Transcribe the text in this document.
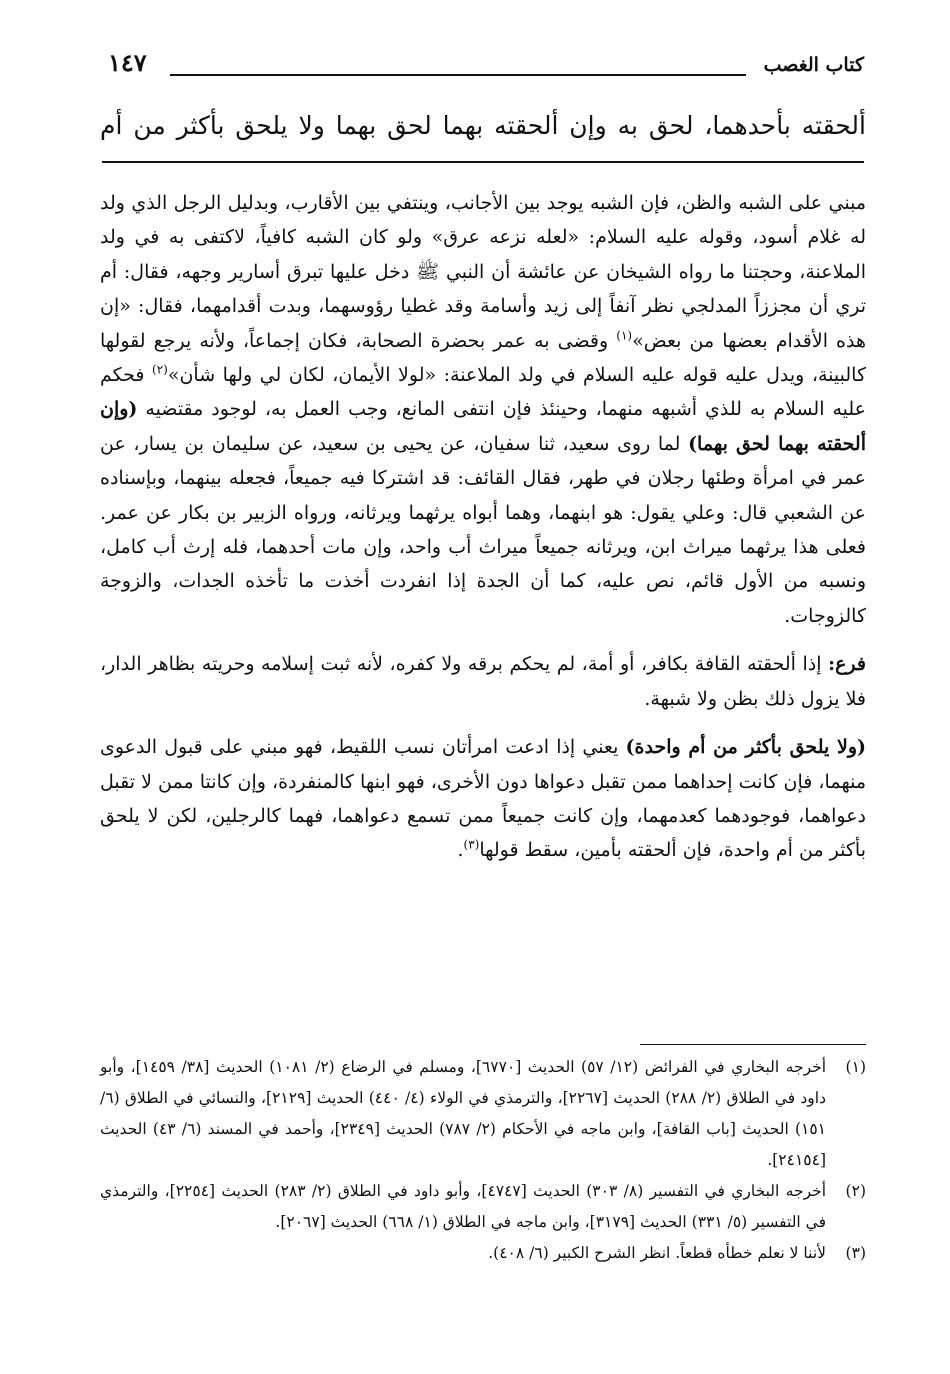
كتاب الغصب
١٤٧
ألحقته بأحدهما، لحق به وإن ألحقته بهما لحق بهما ولا يلحق بأكثر من أم

مبني على الشبه والظن، فإن الشبه يوجد بين الأجانب، وينتفي بين الأقارب، وبدليل الرجل الذي ولد له غلام أسود، وقوله عليه السلام: «لعله نزعه عرق» ولو كان الشبه كافياً، لاكتفى به في ولد الملاعنة، وحجتنا ما رواه الشيخان عن عائشة أن النبي ﷺ دخل عليها تبرق أسارير وجهه، فقال: أم تري أن مجززاً المدلجي نظر آنفاً إلى زيد وأسامة وقد غطيا رؤوسهما، وبدت أقدامهما، فقال: «إن هذه الأقدام بعضها من بعض»$^{(١)}$ وقضى به عمر بحضرة الصحابة، فكان إجماعاً، ولأنه يرجع لقولها كالبينة، ويدل عليه قوله عليه السلام في ولد الملاعنة: «لولا الأيمان، لكان لي ولها شأن»$^{(٢)}$ فحكم عليه السلام به للذي أشبهه منهما، وحينئذ فإن انتفى المانع، وجب العمل به، لوجود مقتضيه (وإن ألحقته بهما لحق بهما) لما روى سعيد، ثنا سفيان، عن يحيى بن سعيد، عن سليمان بن يسار، عن عمر في امرأة وطئها رجلان في طهر، فقال القائف: قد اشتركا فيه جميعاً، فجعله بينهما، وبإسناده عن الشعبي قال: وعلي يقول: هو ابنهما، وهما أبواه يرثهما ويرثانه، ورواه الزبير بن بكار عن عمر. فعلى هذا يرثهما ميراث ابن، ويرثانه جميعاً ميراث أب واحد، وإن مات أحدهما، فله إرث أب كامل، ونسبه من الأول قائم، نص عليه، كما أن الجدة إذا انفردت أخذت ما تأخذه الجدات، والزوجة كالزوجات.

فرع: إذا ألحقته القافة بكافر، أو أمة، لم يحكم برقه ولا كفره، لأنه ثبت إسلامه وحريته بظاهر الدار، فلا يزول ذلك بظن ولا شبهة.

(ولا يلحق بأكثر من أم واحدة) يعني إذا ادعت امرأتان نسب اللقيط، فهو مبني على قبول الدعوى منهما، فإن كانت إحداهما ممن تقبل دعواها دون الأخرى، فهو ابنها كالمنفردة، وإن كانتا ممن لا تقبل دعواهما، فوجودهما كعدمهما، وإن كانت جميعاً ممن تسمع دعواهما، فهما كالرجلين، لكن لا يلحق بأكثر من أم واحدة، فإن ألحقته بأمين، سقط قولها$^{(٣)}$.

(١)
أخرجه البخاري في الفرائض (١٢/ ٥٧) الحديث [٦٧٧٠]، ومسلم في الرضاع (٢/ ١٠٨١) الحديث [٣٨/ ١٤٥٩]، وأبو داود في الطلاق (٢/ ٢٨٨) الحديث [٢٢٦٧]، والترمذي في الولاء (٤/ ٤٤٠) الحديث [٢١٢٩]، والنسائي في الطلاق (٦/ ١٥١) الحديث [باب القافة]، وابن ماجه في الأحكام (٢/ ٧٨٧) الحديث [٢٣٤٩]، وأحمد في المسند (٦/ ٤٣) الحديث [٢٤١٥٤].
(٢)
أخرجه البخاري في التفسير (٨/ ٣٠٣) الحديث [٤٧٤٧]، وأبو داود في الطلاق (٢/ ٢٨٣) الحديث [٢٢٥٤]، والترمذي في التفسير (٥/ ٣٣١) الحديث [٣١٧٩]، وابن ماجه في الطلاق (١/ ٦٦٨) الحديث [٢٠٦٧].
(٣)
لأننا لا نعلم خطأه قطعاً. انظر الشرح الكبير (٦/ ٤٠٨).
